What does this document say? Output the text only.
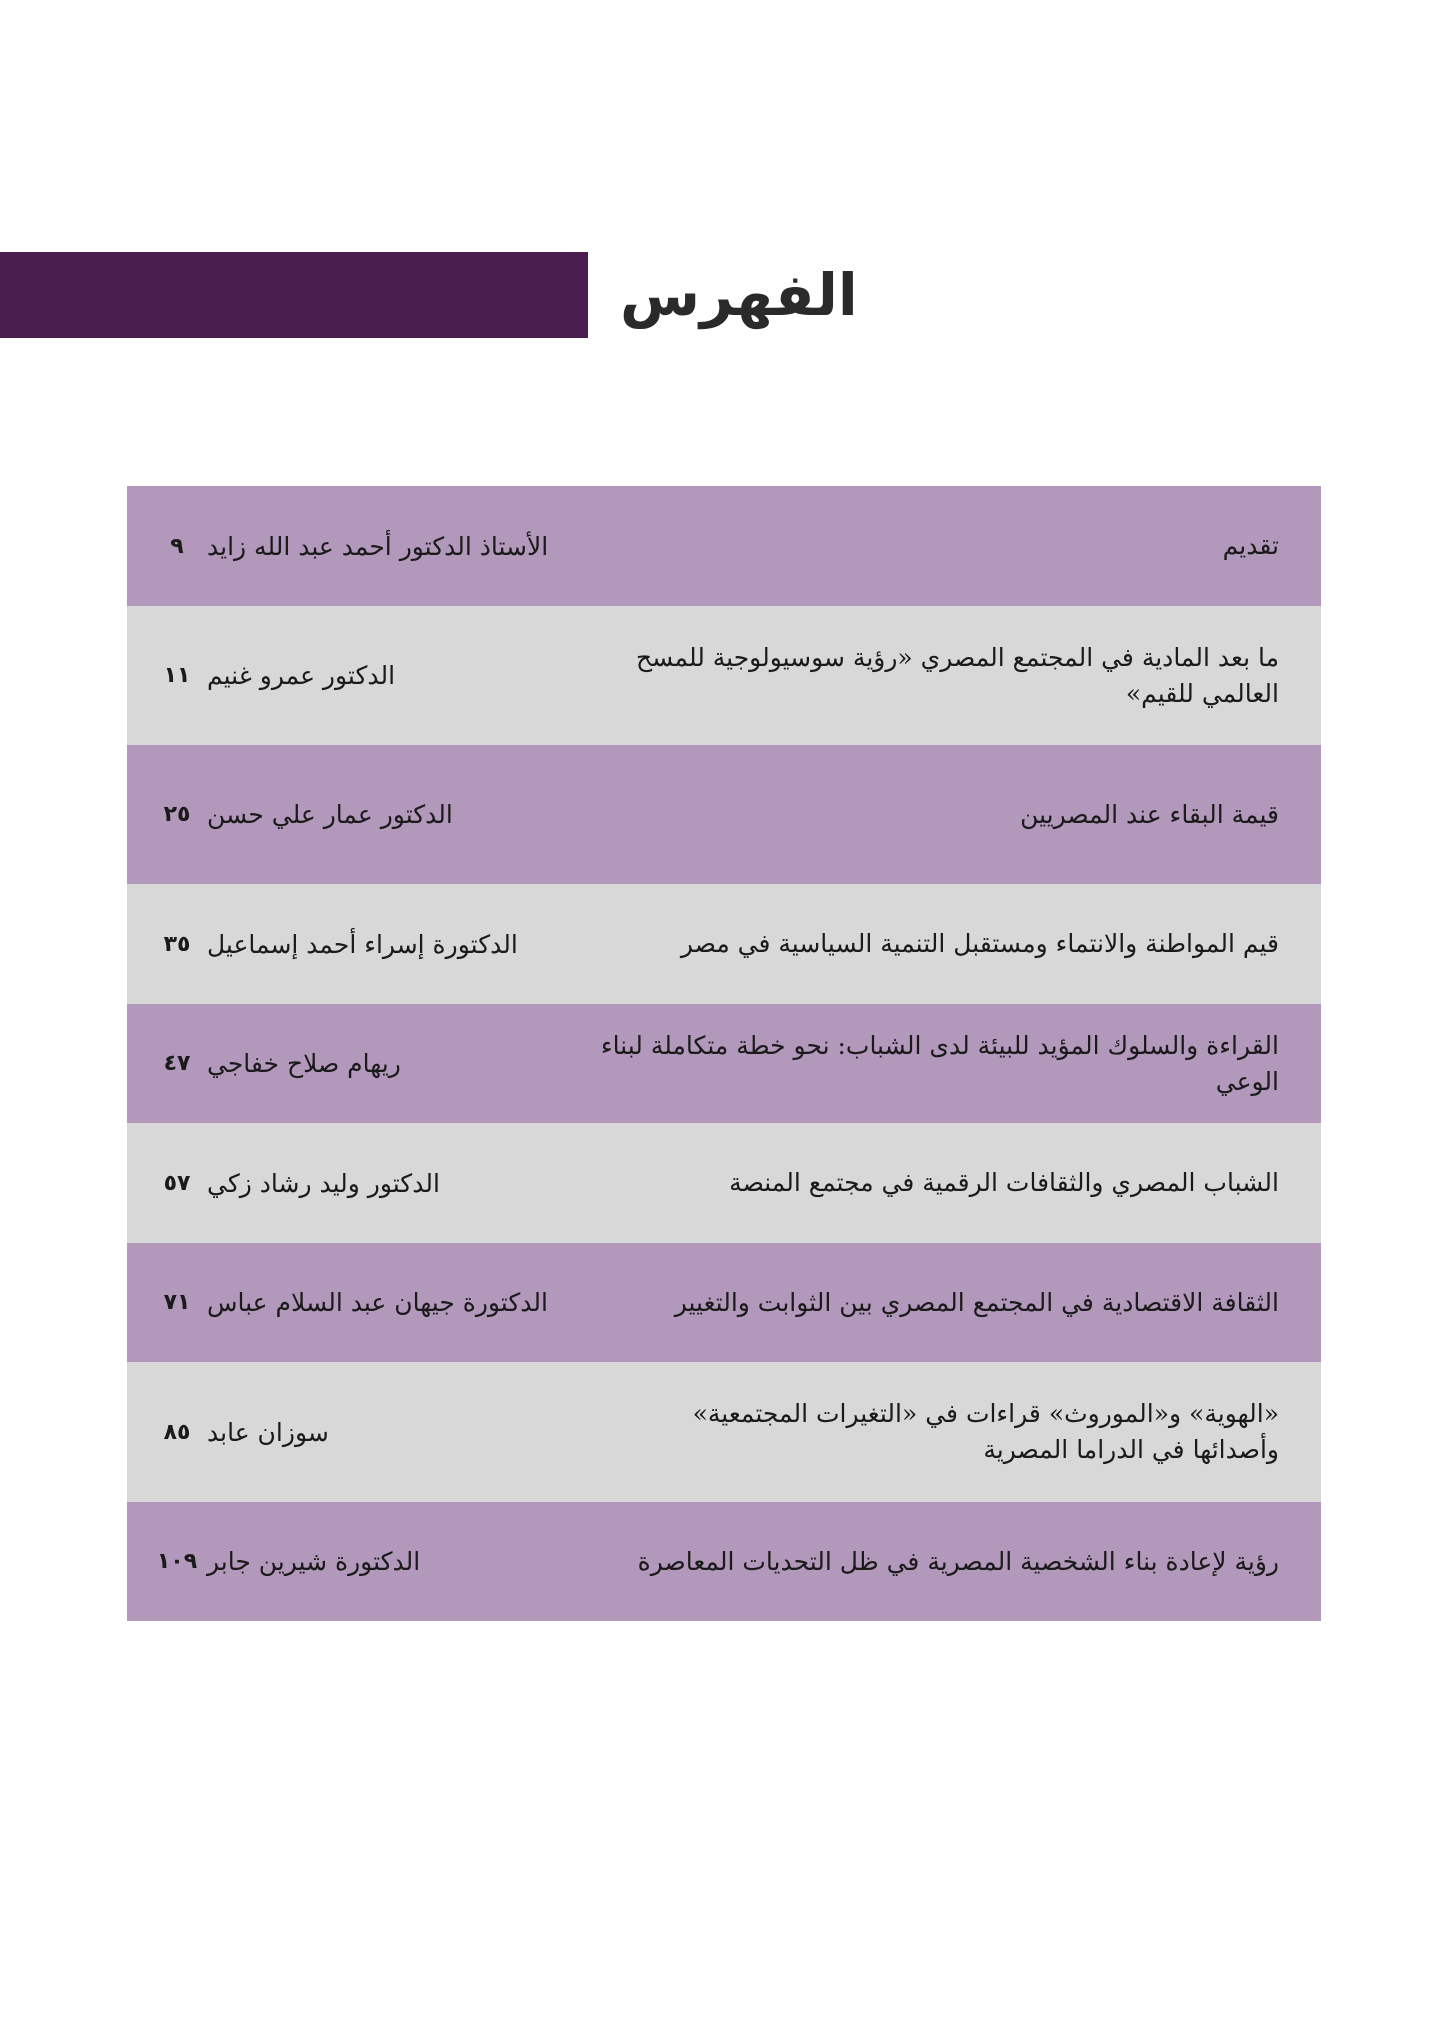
الفهرس
تقديم
الأستاذ الدكتور أحمد عبد الله زايد
٩
ما بعد المادية في المجتمع المصري «رؤية سوسيولوجية للمسح العالمي للقيم»
الدكتور عمرو غنيم
١١
قيمة البقاء عند المصريين
الدكتور عمار علي حسن
٢٥
قيم المواطنة والانتماء ومستقبل التنمية السياسية في مصر
الدكتورة إسراء أحمد إسماعيل
٣٥
القراءة والسلوك المؤيد للبيئة لدى الشباب: نحو خطة متكاملة لبناء الوعي
ريهام صلاح خفاجي
٤٧
الشباب المصري والثقافات الرقمية في مجتمع المنصة
الدكتور وليد رشاد زكي
٥٧
الثقافة الاقتصادية في المجتمع المصري بين الثوابت والتغيير
الدكتورة جيهان عبد السلام عباس
٧١
«الهوية» و«الموروث» قراءات في «التغيرات المجتمعية»
وأصدائها في الدراما المصرية
سوزان عابد
٨٥
رؤية لإعادة بناء الشخصية المصرية في ظل التحديات المعاصرة
الدكتورة شيرين جابر
١٠٩
